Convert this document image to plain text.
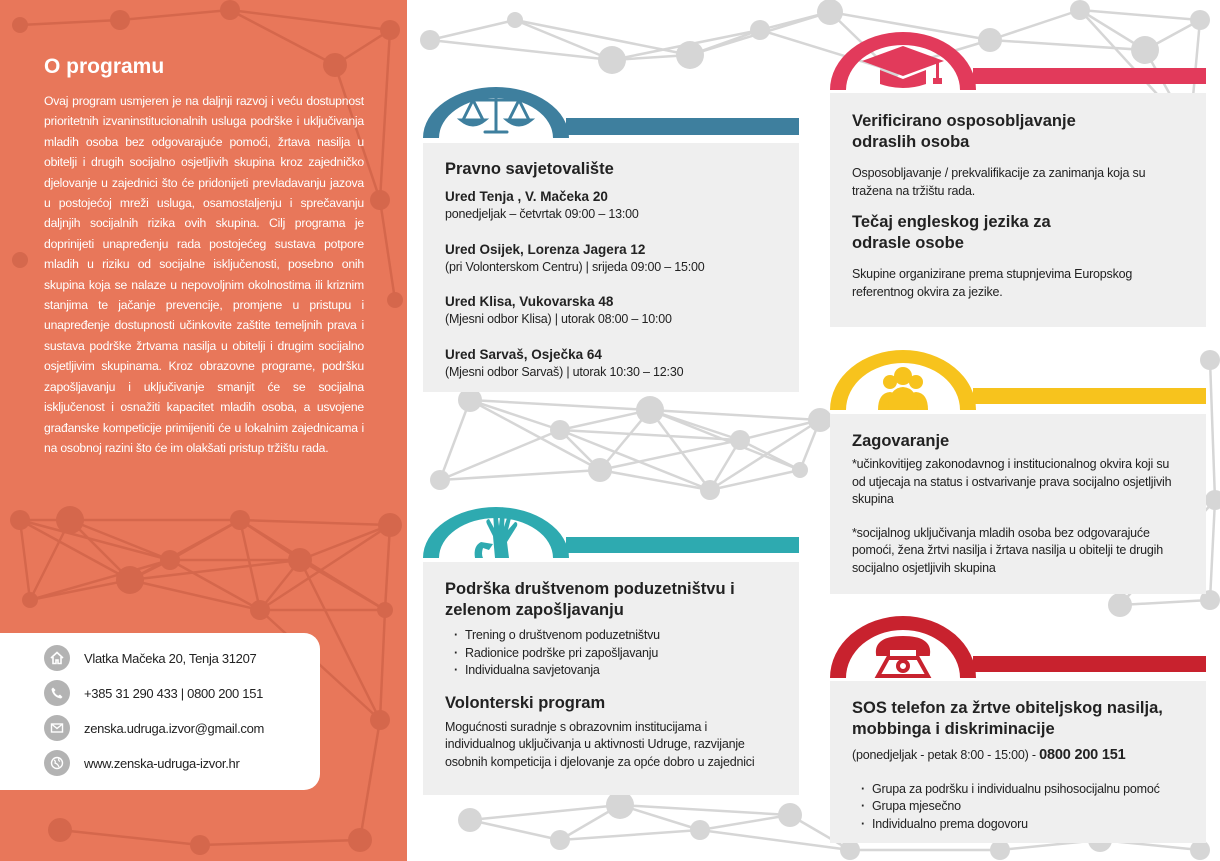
O programu

Ovaj program usmjeren je na daljnji razvoj i veću dostupnost prioritetnih izvaninstitucionalnih usluga podrške i uključivanja mladih osoba bez odgovarajuće pomoći, žrtava nasilja u obitelji i drugih socijalno osjetljivih skupina kroz zajedničko djelovanje u zajednici što će pridonijeti prevladavanju jazova u postojećoj mreži usluga, osamostaljenju i sprečavanju daljnjih socijalnih rizika ovih skupina. Cilj programa je doprinijeti unapređenju rada postojećeg sustava potpore mladih u riziku od socijalne isključenosti, posebno onih skupina koja se nalaze u nepovoljnim okolnostima ili kriznim stanjima te jačanje prevencije, promjene u pristupu i unapređenje dostupnosti učinkovite zaštite temeljnih prava i sustava podrške žrtvama nasilja u obitelji i drugim socijalno osjetljivim skupinama. Kroz obrazovne programe, podršku zapošljavanju i uključivanje smanjit će se socijalna isključenost i osnažiti kapacitet mladih osoba, a usvojene građanske kompeticije primijeniti će u lokalnim zajednicama i na osobnoj razini što će im olakšati pristup tržištu rada.

Vlatka Mačeka 20, Tenja 31207
+385 31 290 433 | 0800 200 151
zenska.udruga.izvor@gmail.com
www.zenska-udruga-izvor.hr
Pravno savjetovalište
Ured Tenja , V. Mačeka 20
ponedjeljak – četvrtak 09:00 – 13:00
Ured Osijek, Lorenza Jagera 12
(pri Volonterskom Centru) | srijeda 09:00 – 15:00
Ured Klisa, Vukovarska 48
(Mjesni odbor Klisa) | utorak 08:00 – 10:00
Ured Sarvaš, Osječka 64
(Mjesni odbor Sarvaš) | utorak 10:30 – 12:30
Podrška društvenom poduzetništvu i zelenom zapošljavanju
· Trening o društvenom poduzetništvu
· Radionice podrške pri zapošljavanju
· Individualna savjetovanja
Volonterski program
Mogućnosti suradnje s obrazovnim institucijama i individualnog uključivanja u aktivnosti Udruge, razvijanje osobnih kompeticija i djelovanje za opće dobro u zajednici
Verificirano osposobljavanje odraslih osoba
Osposobljavanje / prekvalifikacije za zanimanja koja su tražena na tržištu rada.
Tečaj engleskog jezika za odrasle osobe
Skupine organizirane prema stupnjevima Europskog referentnog okvira za jezike.
Zagovaranje
*učinkovitijeg zakonodavnog i institucionalnog okvira koji su od utjecaja na status i ostvarivanje prava socijalno osjetljivih skupina
*socijalnog uključivanja mladih osoba bez odgovarajuće pomoći, žena žrtvi nasilja i žrtava nasilja u obitelji te drugih socijalno osjetljivih skupina
SOS telefon za žrtve obiteljskog nasilja, mobbinga i diskriminacije
(ponedjeljak - petak 8:00 - 15:00) - 0800 200 151
· Grupa za podršku i individualnu psihosocijalnu pomoć
· Grupa mjesečno
· Individualno prema dogovoru
